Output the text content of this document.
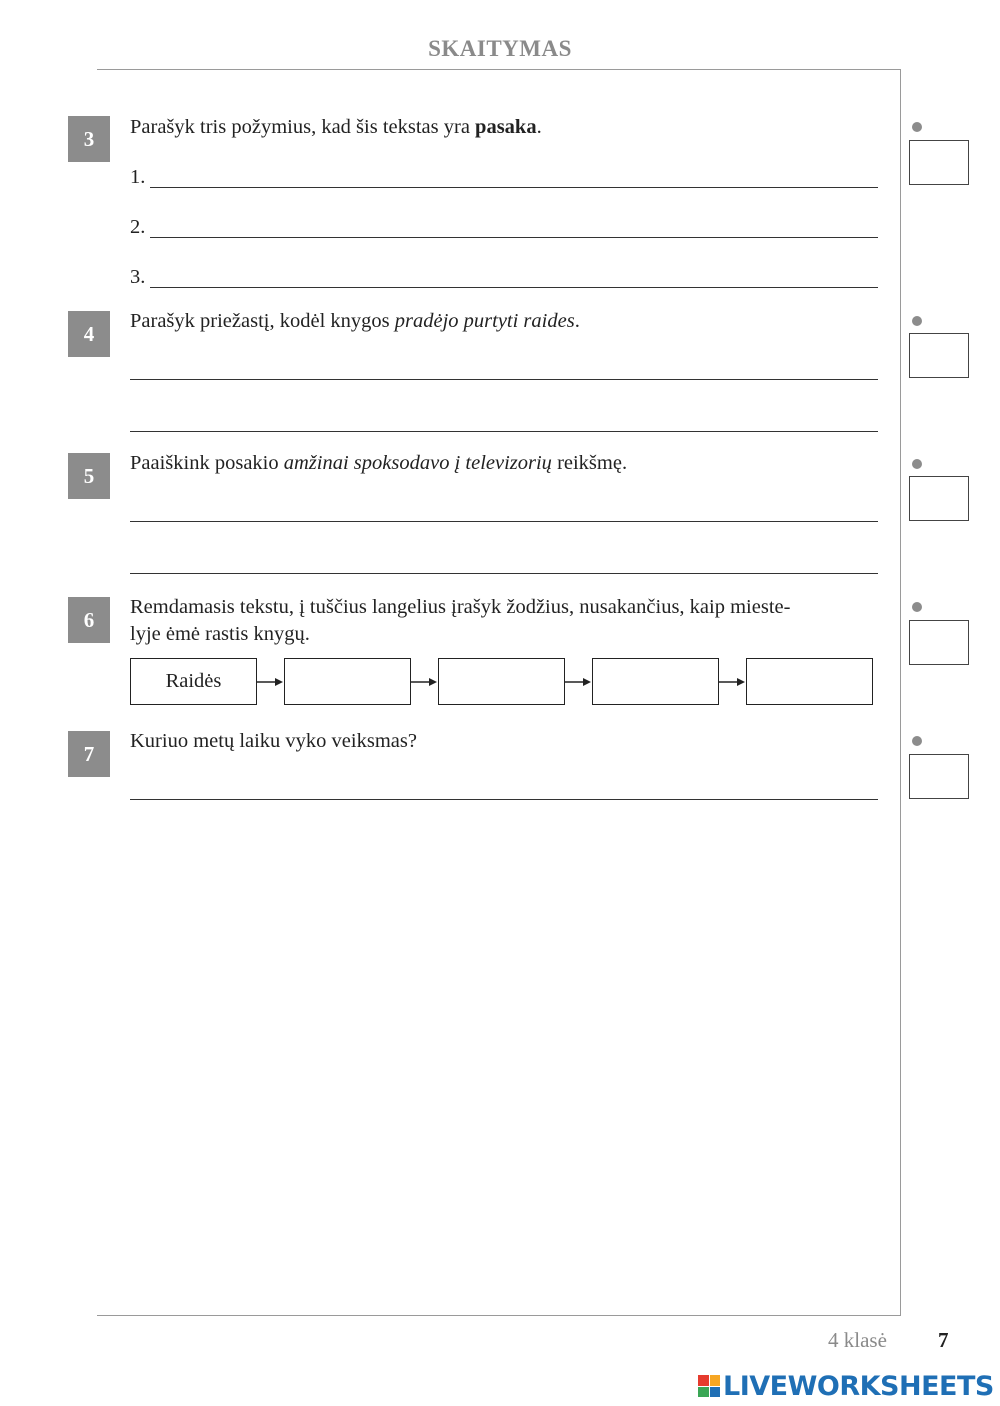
SKAITYMAS
3	Parašyk tris požymius, kad šis tekstas yra pasaka.
1.
2.
3.
4
Parašyk priežastį, kodėl knygos pradėjo purtyti raides.
5
Paaiškink posakio amžinai spoksodavo į televizorių reikšmę.
6
Remdamasis tekstu, į tuščius langelius įrašyk žodžius, nusakančius, kaip mieste-
lyje ėmė rastis knygų.
Raidės
7
Kuriuo metų laiku vyko veiksmas?
4 klasė 7
LIVEWORKSHEETS
